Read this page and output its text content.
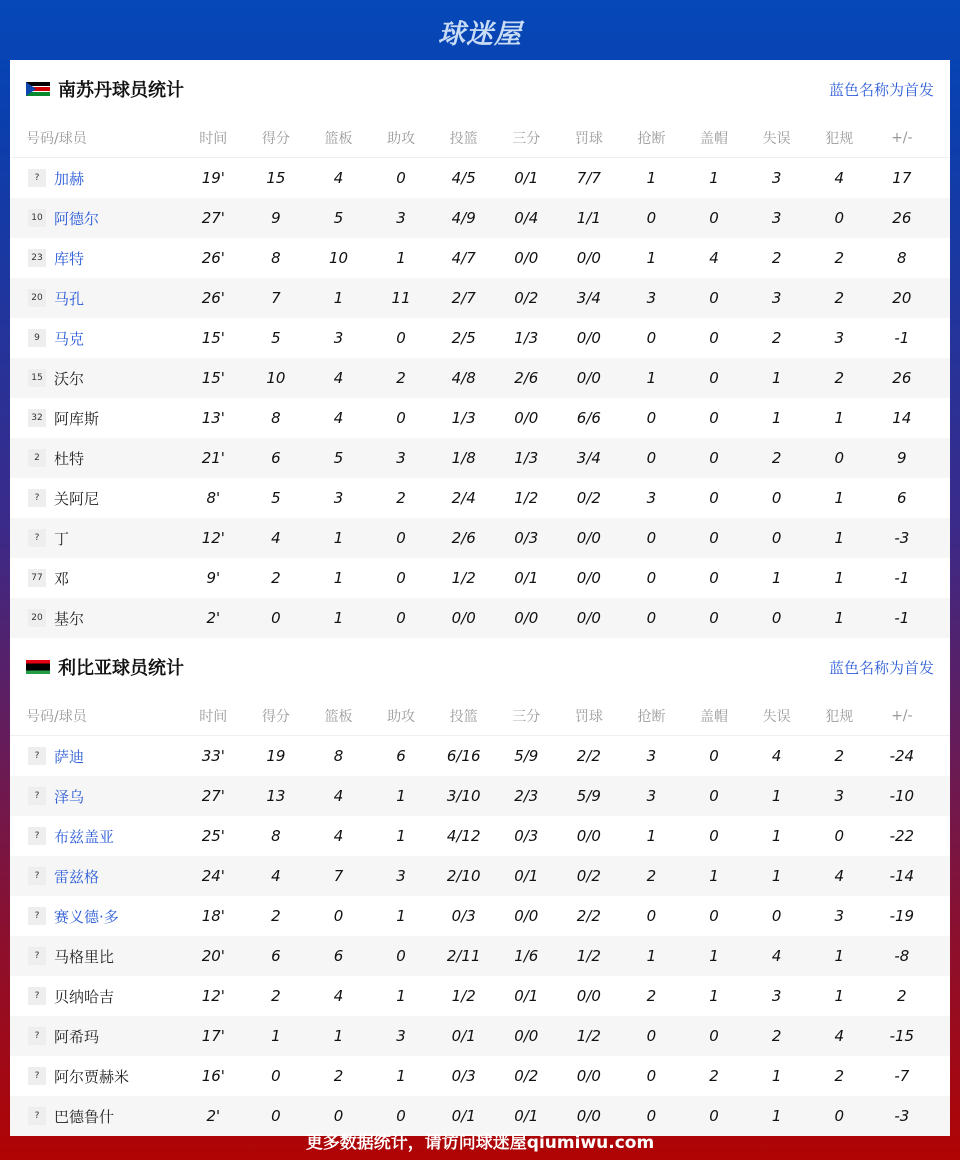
球迷屋
南苏丹球员统计	蓝色名称为首发
号码/球员	时间	得分	篮板	助攻	投篮	三分	罚球	抢断	盖帽	失误	犯规	+/-
? 加赫	19'	15	4	0	4/5	0/1	7/7	1	1	3	4	17
10 阿德尔	27'	9	5	3	4/9	0/4	1/1	0	0	3	0	26
23 库特	26'	8	10	1	4/7	0/0	0/0	1	4	2	2	8
20 马孔	26'	7	1	11	2/7	0/2	3/4	3	0	3	2	20
9 马克	15'	5	3	0	2/5	1/3	0/0	0	0	2	3	-1
15 沃尔	15'	10	4	2	4/8	2/6	0/0	1	0	1	2	26
32 阿库斯	13'	8	4	0	1/3	0/0	6/6	0	0	1	1	14
2 杜特	21'	6	5	3	1/8	1/3	3/4	0	0	2	0	9
? 关阿尼	8'	5	3	2	2/4	1/2	0/2	3	0	0	1	6
? 丁	12'	4	1	0	2/6	0/3	0/0	0	0	0	1	-3
77 邓	9'	2	1	0	1/2	0/1	0/0	0	0	1	1	-1
20 基尔	2'	0	1	0	0/0	0/0	0/0	0	0	0	1	-1
利比亚球员统计	蓝色名称为首发
号码/球员	时间	得分	篮板	助攻	投篮	三分	罚球	抢断	盖帽	失误	犯规	+/-
? 萨迪	33'	19	8	6	6/16	5/9	2/2	3	0	4	2	-24
? 泽乌	27'	13	4	1	3/10	2/3	5/9	3	0	1	3	-10
? 布兹盖亚	25'	8	4	1	4/12	0/3	0/0	1	0	1	0	-22
? 雷兹格	24'	4	7	3	2/10	0/1	0/2	2	1	1	4	-14
? 赛义德·多	18'	2	0	1	0/3	0/0	2/2	0	0	0	3	-19
? 马格里比	20'	6	6	0	2/11	1/6	1/2	1	1	4	1	-8
? 贝纳哈吉	12'	2	4	1	1/2	0/1	0/0	2	1	3	1	2
? 阿希玛	17'	1	1	3	0/1	0/0	1/2	0	0	2	4	-15
? 阿尔贾赫米	16'	0	2	1	0/3	0/2	0/0	0	2	1	2	-7
? 巴德鲁什	2'	0	0	0	0/1	0/1	0/0	0	0	1	0	-3
更多数据统计，请访问球迷屋qiumiwu.com
